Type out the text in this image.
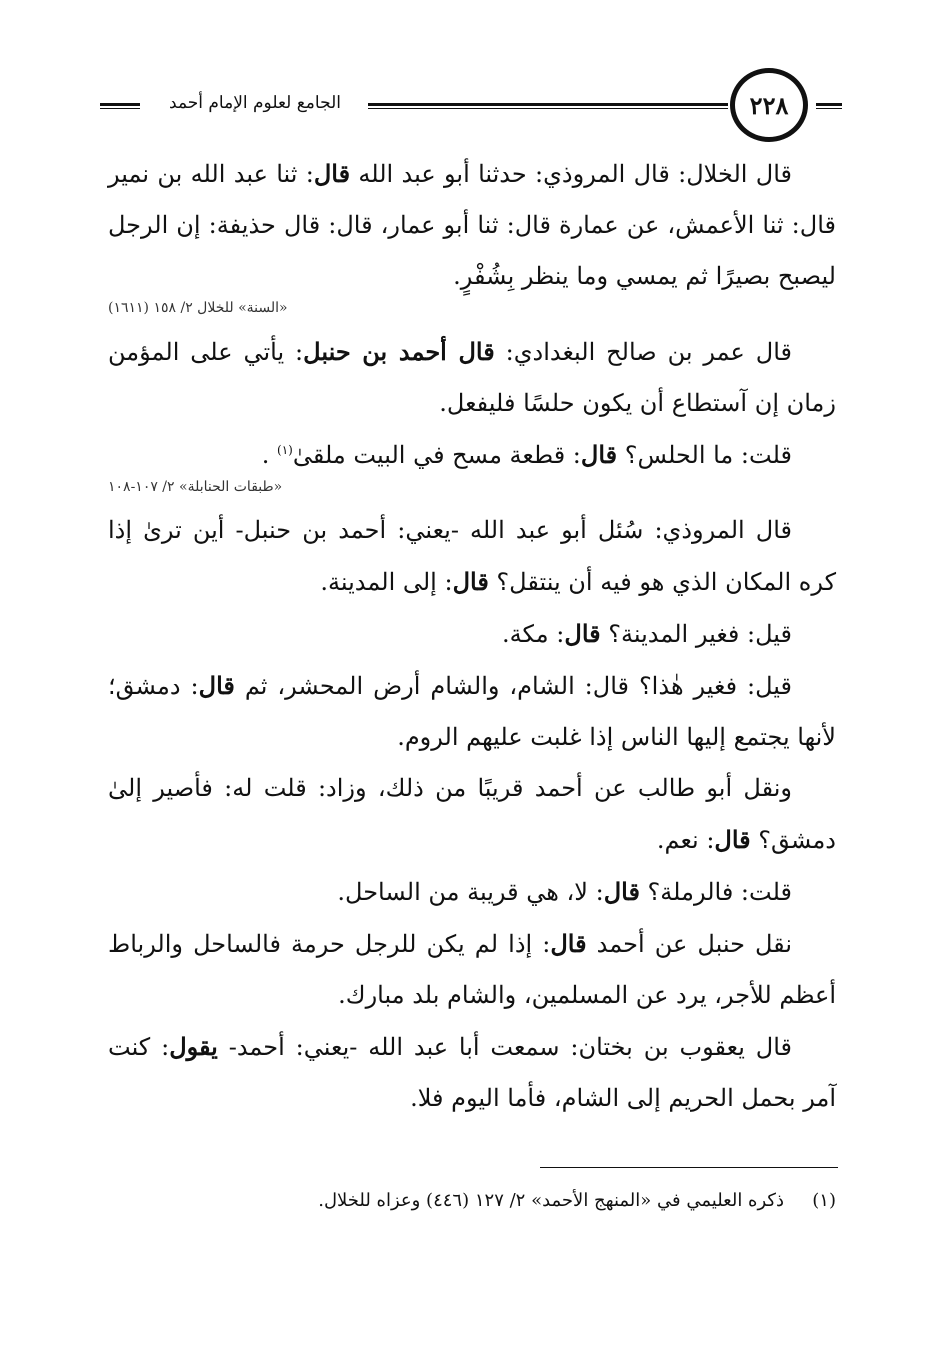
الجامع لعلوم الإمام أحمد	٢٢٨

قال الخلال: قال المروذي: حدثنا أبو عبد الله قال: ثنا عبد الله بن نمير قال: ثنا الأعمش، عن عمارة قال: ثنا أبو عمار، قال: قال حذيفة: إن الرجل ليصبح بصيرًا ثم يمسي وما ينظر بِشُفْرٍ.

«السنة» للخلال ٢/ ١٥٨ (١٦١١)

قال عمر بن صالح البغدادي: قال أحمد بن حنبل: يأتي على المؤمن زمان إن آستطاع أن يكون حلسًا فليفعل.

قلت: ما الحلس؟ قال: قطعة مسح في البيت ملقىٰ$^{(١)}$ .

«طبقات الحنابلة» ٢/ ١٠٧-١٠٨

قال المروذي: سُئل أبو عبد الله -يعني: أحمد بن حنبل- أين ترىٰ إذا كره المكان الذي هو فيه أن ينتقل؟ قال: إلى المدينة.

قيل: فغير المدينة؟ قال: مكة.

قيل: فغير هٰذا؟ قال: الشام، والشام أرض المحشر، ثم قال: دمشق؛ لأنها يجتمع إليها الناس إذا غلبت عليهم الروم.

ونقل أبو طالب عن أحمد قريبًا من ذلك، وزاد: قلت له: فأصير إلىٰ دمشق؟ قال: نعم.

قلت: فالرملة؟ قال: لا، هي قريبة من الساحل.

نقل حنبل عن أحمد قال: إذا لم يكن للرجل حرمة فالساحل والرباط أعظم للأجر، يرد عن المسلمين، والشام بلد مبارك.

قال يعقوب بن بختان: سمعت أبا عبد الله -يعني: أحمد- يقول: كنت آمر بحمل الحريم إلى الشام، فأما اليوم فلا.

(١)ذكره العليمي في «المنهج الأحمد» ٢/ ١٢٧ (٤٤٦) وعزاه للخلال.
